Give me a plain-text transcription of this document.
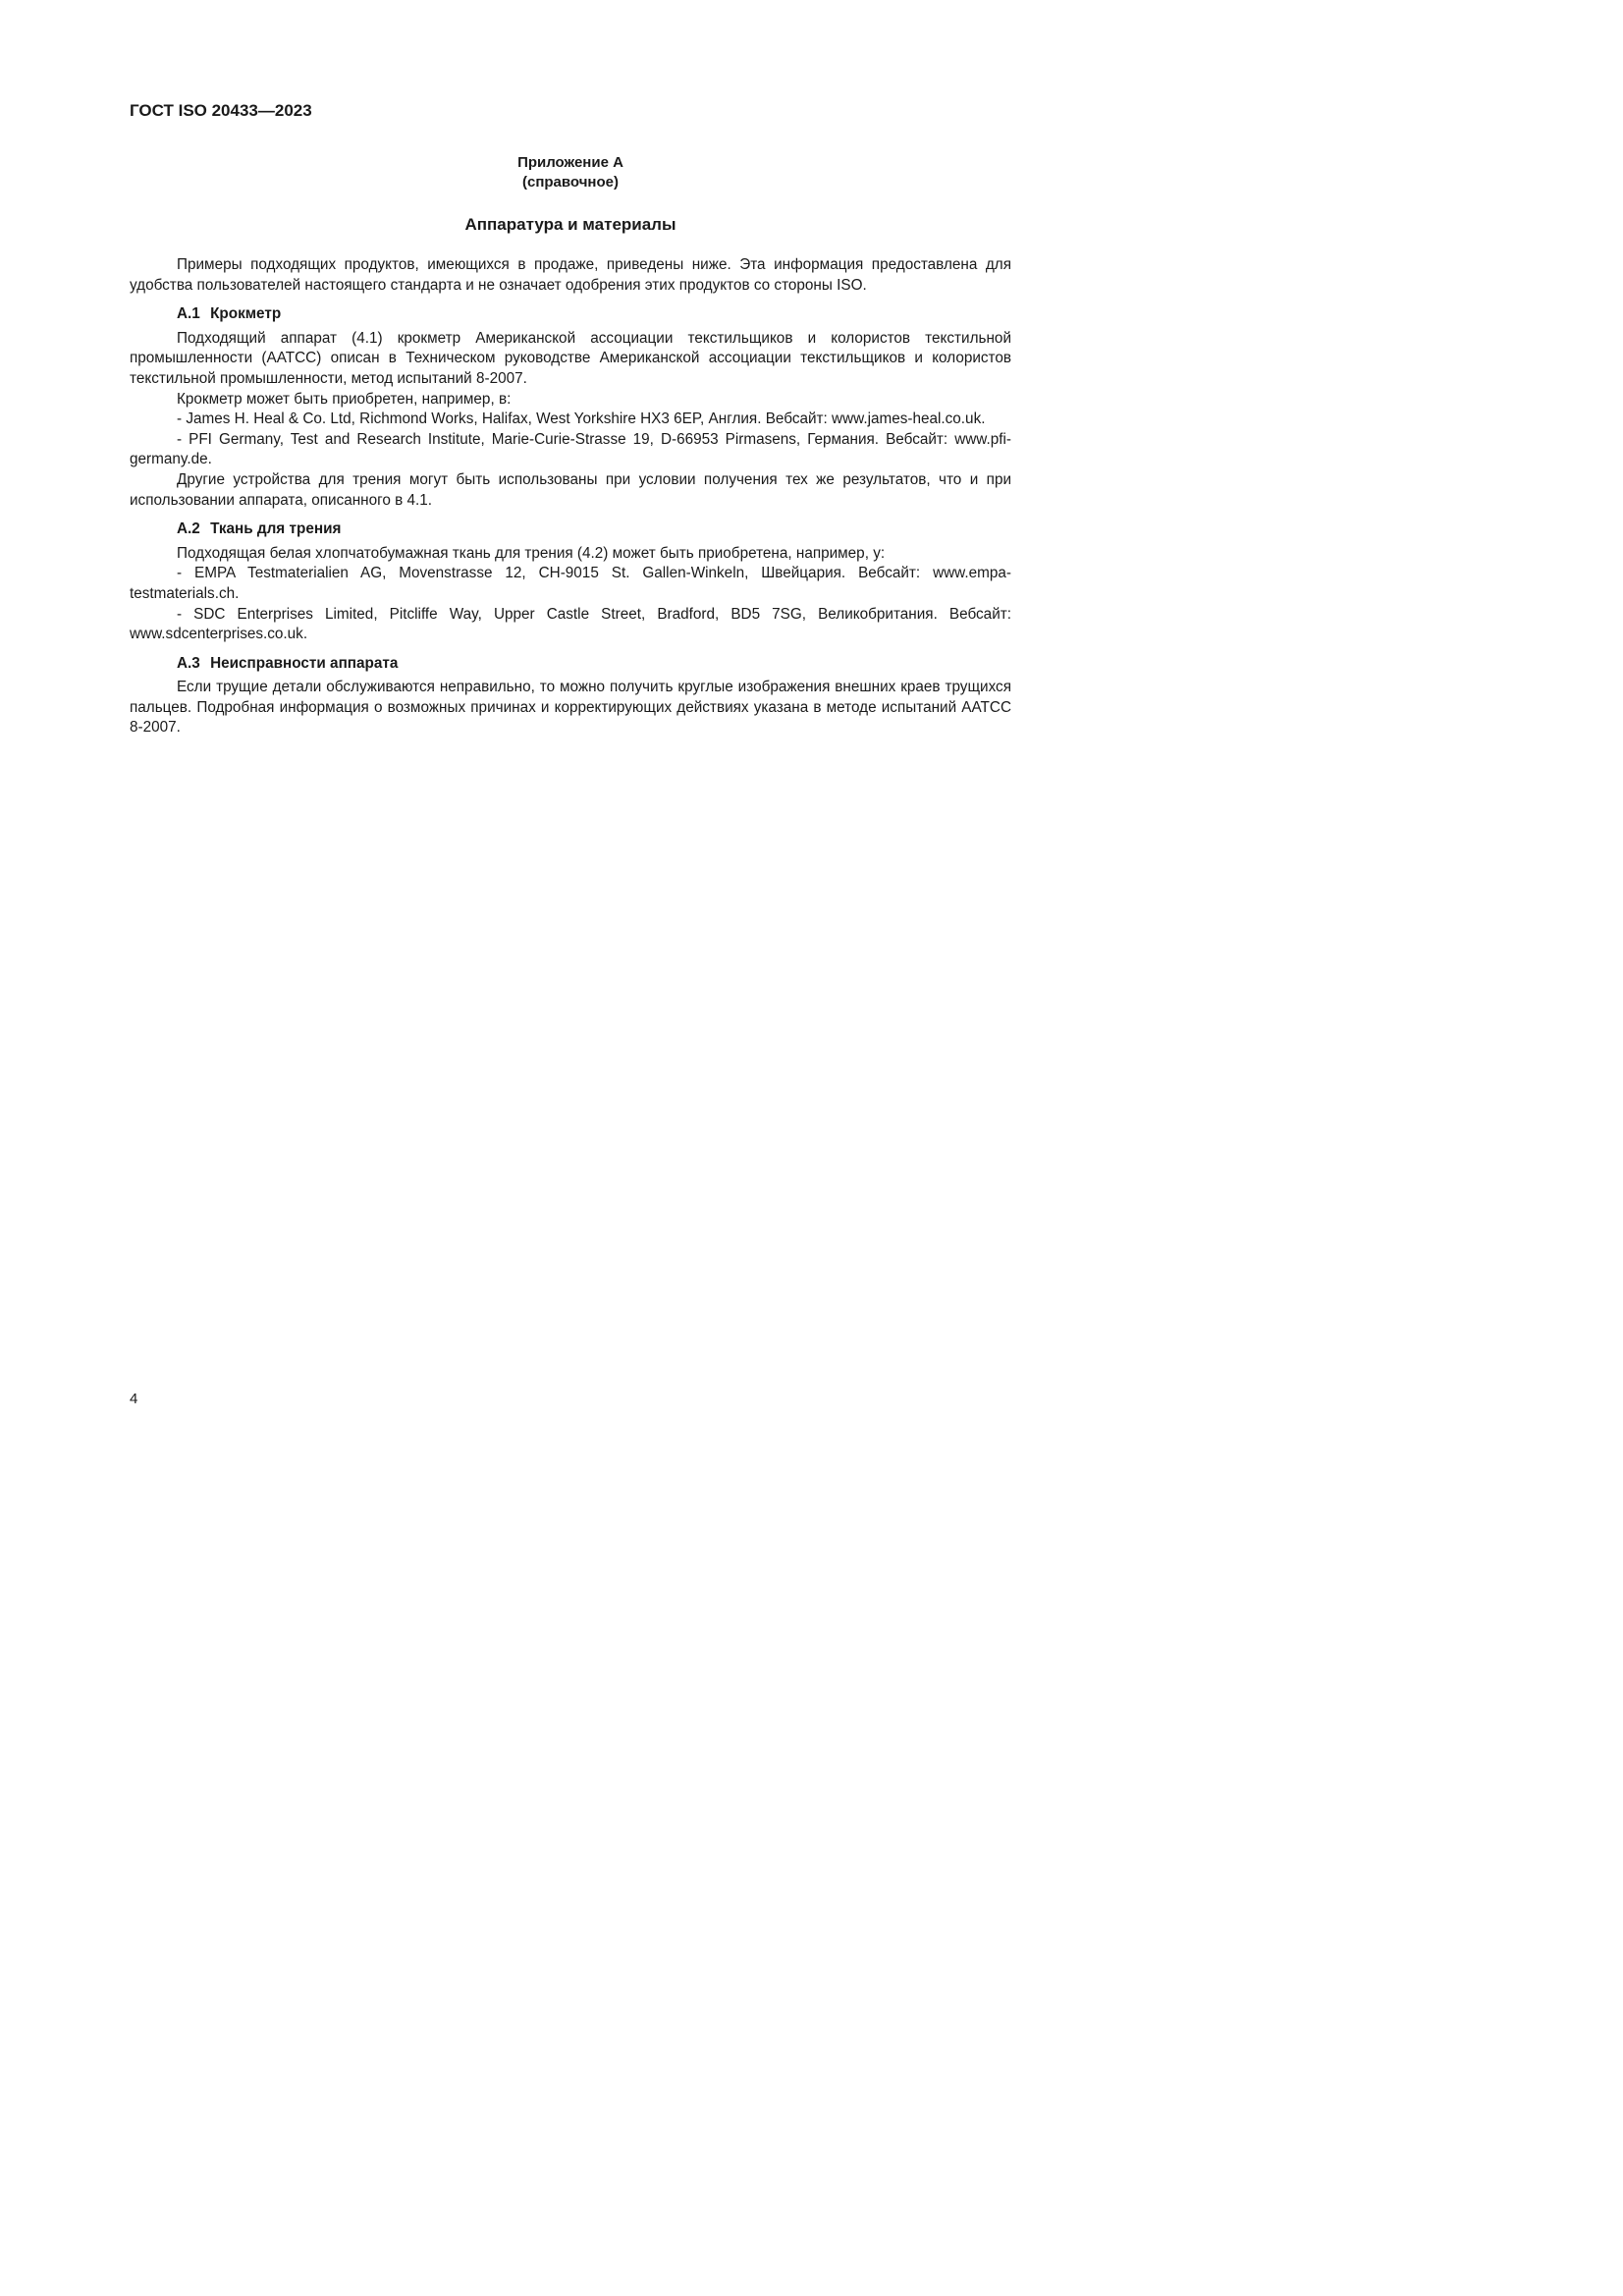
ГОСТ ISO 20433—2023
Приложение А
(справочное)
Аппаратура и материалы

Примеры подходящих продуктов, имеющихся в продаже, приведены ниже. Эта информация предоставлена для удобства пользователей настоящего стандарта и не означает одобрения этих продуктов со стороны ISO.

А.1 Крокметр

Подходящий аппарат (4.1) крокметр Американской ассоциации текстильщиков и колористов текстильной промышленности (AATCC) описан в Техническом руководстве Американской ассоциации текстильщиков и колористов текстильной промышленности, метод испытаний 8-2007.

Крокметр может быть приобретен, например, в:

- James H. Heal & Co. Ltd, Richmond Works, Halifax, West Yorkshire HX3 6EP, Англия. Вебсайт: www.james-heal.co.uk.

- PFI Germany, Test and Research Institute, Marie-Curie-Strasse 19, D-66953 Pirmasens, Германия. Вебсайт: www.pfi-germany.de.

Другие устройства для трения могут быть использованы при условии получения тех же результатов, что и при использовании аппарата, описанного в 4.1.

А.2 Ткань для трения

Подходящая белая хлопчатобумажная ткань для трения (4.2) может быть приобретена, например, у:

- EMPA Testmaterialien AG, Movenstrasse 12, CH-9015 St. Gallen-Winkeln, Швейцария. Вебсайт: www.empa-testmaterials.ch.

- SDC Enterprises Limited, Pitcliffe Way, Upper Castle Street, Bradford, BD5 7SG, Великобритания. Вебсайт: www.sdcenterprises.co.uk.

А.3 Неисправности аппарата

Если трущие детали обслуживаются неправильно, то можно получить круглые изображения внешних краев трущихся пальцев. Подробная информация о возможных причинах и корректирующих действиях указана в методе испытаний AATCC 8-2007.

4
